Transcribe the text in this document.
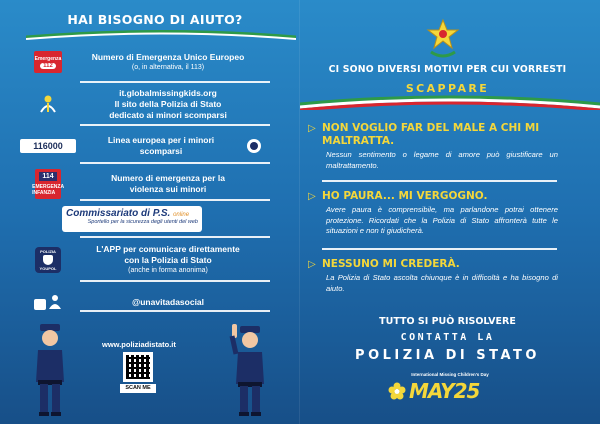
HAI BISOGNO DI AIUTO?
Emergenza
112
Numero di Emergenza Unico Europeo
(o, in alternativa, il 113)
it.globalmissingkids.org
Il sito della Polizia di Stato
dedicato ai minori scomparsi
116000
Linea europea per i minori
scomparsi
114
EMERGENZA INFANZIA
Numero di emergenza per la
violenza sui minori
Commissariato di P.S. online
Sportello per la sicurezza degli utenti del web
POLIZIA
YOUPOL
L'APP per comunicare direttamente
con la Polizia di Stato
(anche in forma anonima)
@unavitadasocial
www.poliziadistato.it
SCAN ME
CI SONO DIVERSI MOTIVI PER CUI VORRESTI
SCAPPARE
▷ NON VOGLIO FAR DEL MALE A CHI MI
MALTRATTA.
Nessun sentimento o legame di amore può giustificare un maltrattamento.
▷ HO PAURA... MI VERGOGNO.
Avere paura è comprensibile, ma parlandone potrai ottenere protezione. Ricordati che la Polizia di Stato affronterà tutte le situazioni e non ti giudicherà.
▷ NESSUNO MI CREDERÀ.
La Polizia di Stato ascolta chiunque è in difficoltà e ha bisogno di aiuto.
TUTTO SI PUÒ RISOLVERE
CONTATTA LA
POLIZIA DI STATO
International Missing Children's Day
MAY25
